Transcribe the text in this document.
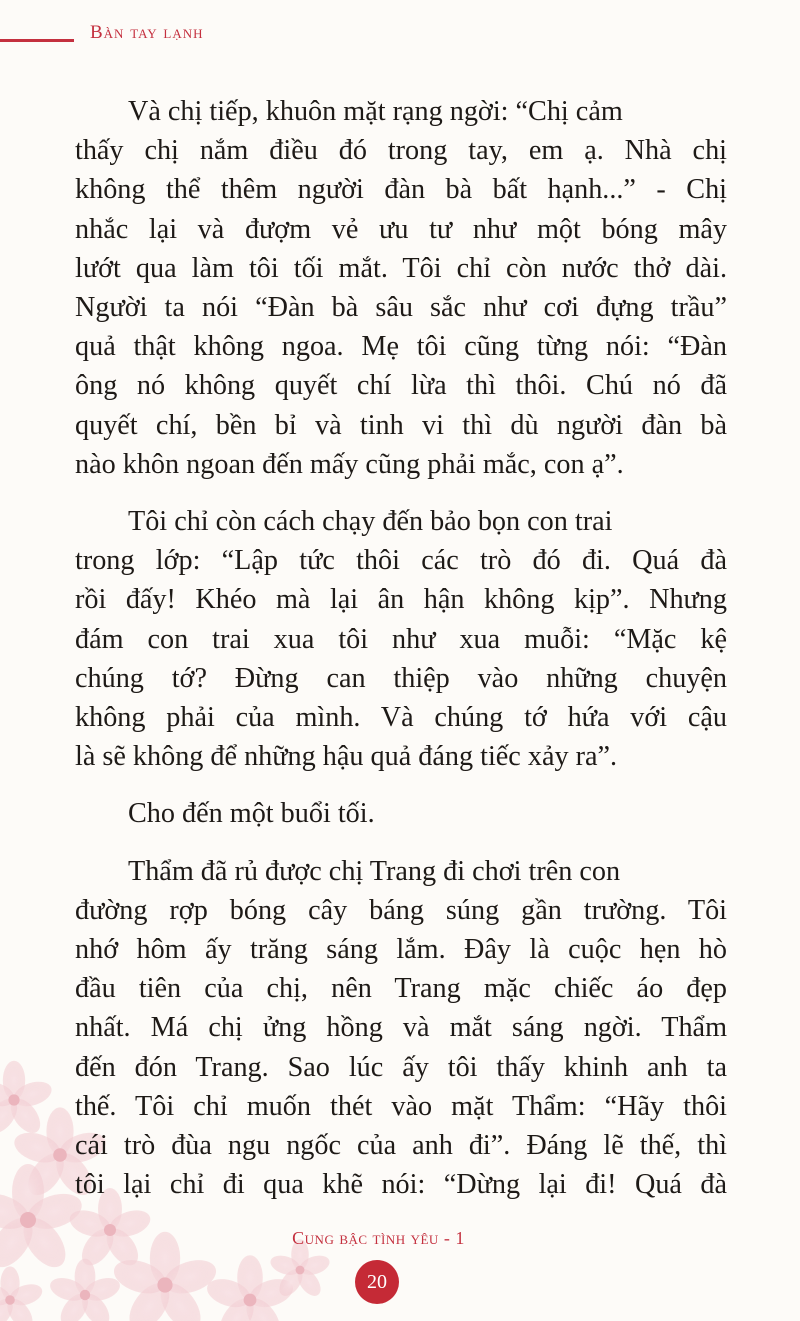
Bàn tay lạnh

Và chị tiếp, khuôn mặt rạng ngời: “Chị cảm
thấy chị nắm điều đó trong tay, em ạ. Nhà chị
không thể thêm người đàn bà bất hạnh...” - Chị
nhắc lại và đượm vẻ ưu tư như một bóng mây
lướt qua làm tôi tối mắt. Tôi chỉ còn nước thở dài.
Người ta nói “Đàn bà sâu sắc như cơi đựng trầu”
quả thật không ngoa. Mẹ tôi cũng từng nói: “Đàn
ông nó không quyết chí lừa thì thôi. Chú nó đã
quyết chí, bền bỉ và tinh vi thì dù người đàn bà
nào khôn ngoan đến mấy cũng phải mắc, con ạ”.

Tôi chỉ còn cách chạy đến bảo bọn con trai
trong lớp: “Lập tức thôi các trò đó đi. Quá đà
rồi đấy! Khéo mà lại ân hận không kịp”. Nhưng
đám con trai xua tôi như xua muỗi: “Mặc kệ
chúng tớ? Đừng can thiệp vào những chuyện
không phải của mình. Và chúng tớ hứa với cậu
là sẽ không để những hậu quả đáng tiếc xảy ra”.

Cho đến một buổi tối.

Thẩm đã rủ được chị Trang đi chơi trên con
đường rợp bóng cây báng súng gần trường. Tôi
nhớ hôm ấy trăng sáng lắm. Đây là cuộc hẹn hò
đầu tiên của chị, nên Trang mặc chiếc áo đẹp
nhất. Má chị ửng hồng và mắt sáng ngời. Thẩm
đến đón Trang. Sao lúc ấy tôi thấy khinh anh ta
thế. Tôi chỉ muốn thét vào mặt Thẩm: “Hãy thôi
cái trò đùa ngu ngốc của anh đi”. Đáng lẽ thế, thì
tôi lại chỉ đi qua khẽ nói: “Dừng lại đi! Quá đà

Cung bậc tình yêu - 1
20
